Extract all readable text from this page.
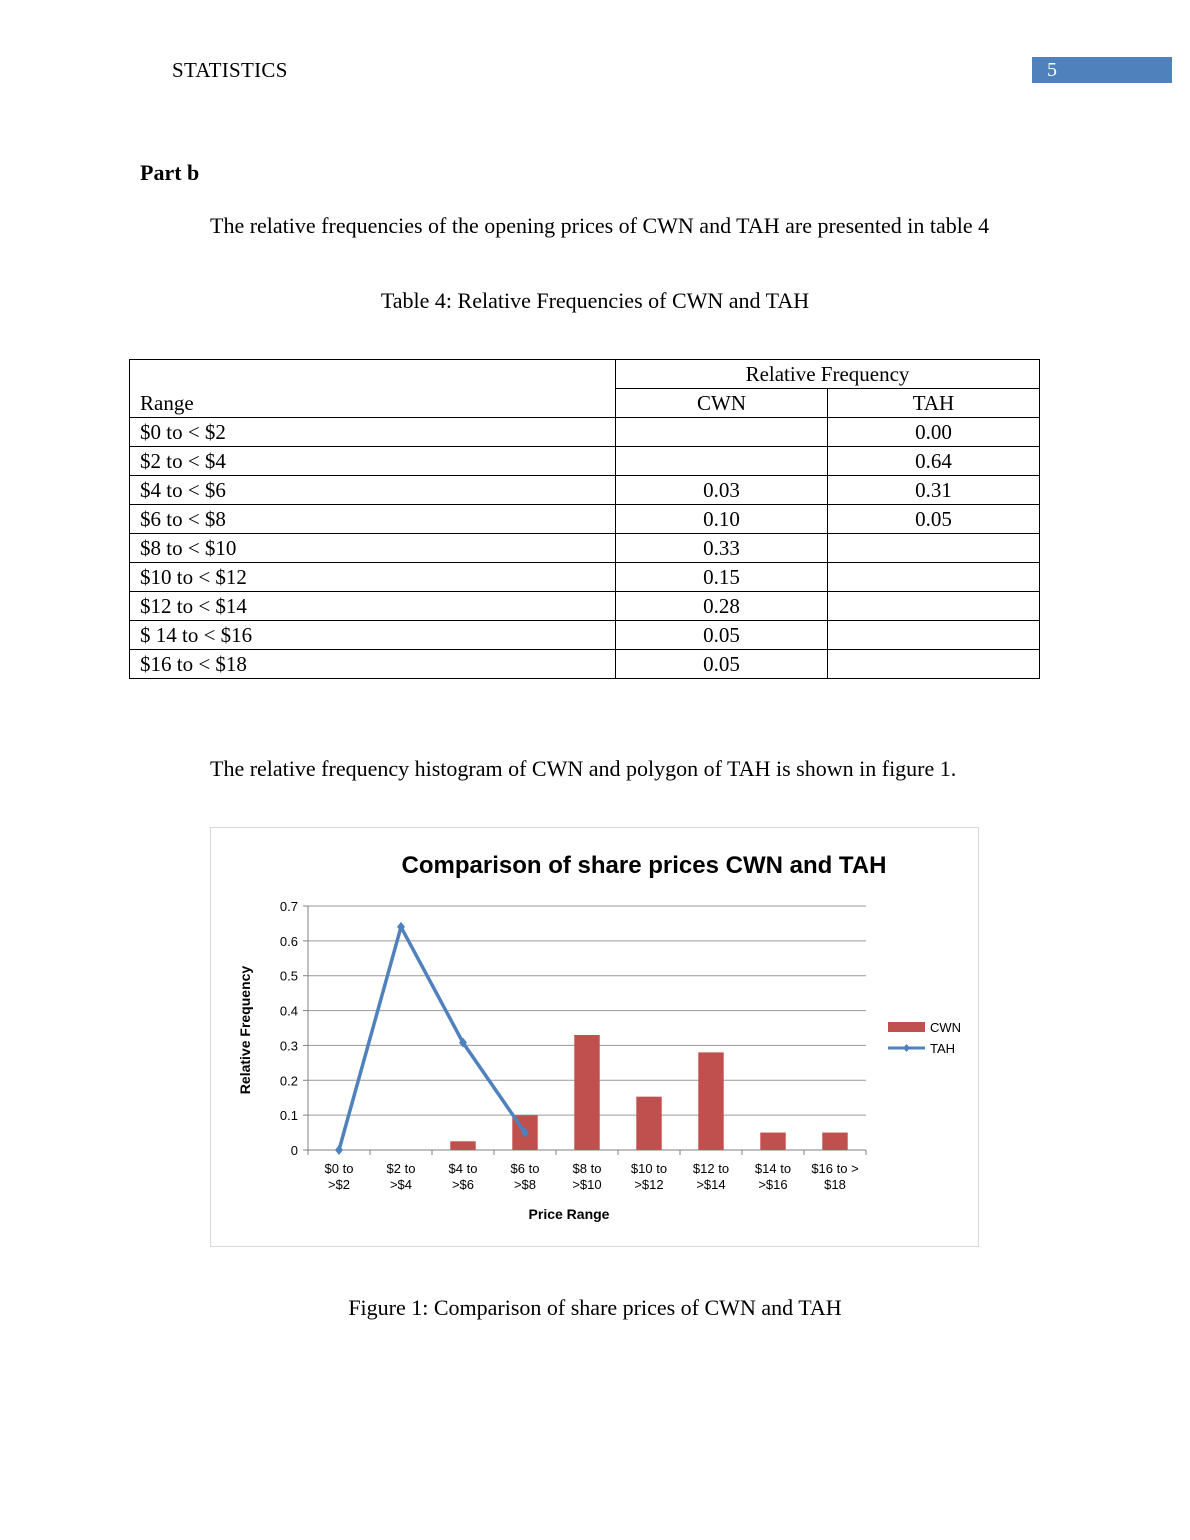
STATISTICS	5
Part b
The relative frequencies of the opening prices of CWN and TAH are presented in table 4
Table 4: Relative Frequencies of CWN and TAH
Range	Relative Frequency	
	CWN	TAH
$0 to < $2		0.00
$2 to < $4		0.64
$4 to < $6	0.03	0.31
$6 to < $8	0.10	0.05
$8 to < $10	0.33	
$10 to < $12	0.15	
$12 to < $14	0.28	
$ 14 to < $16	0.05	
$16 to < $18	0.05	
The relative frequency histogram of CWN and polygon of TAH is shown in figure 1.
Comparison of share prices CWN and TAH
0
0.1
0.2
0.3
0.4
0.5
0.6
0.7
$0 to
>$2
$2 to
>$4
$4 to
>$6
$6 to
>$8
$8 to
>$10
$10 to
>$12
$12 to
>$14
$14 to
>$16
$16 to >
$18
Price Range
Relative Frequency	CWN
TAH
Figure 1: Comparison of share prices of CWN and TAH
